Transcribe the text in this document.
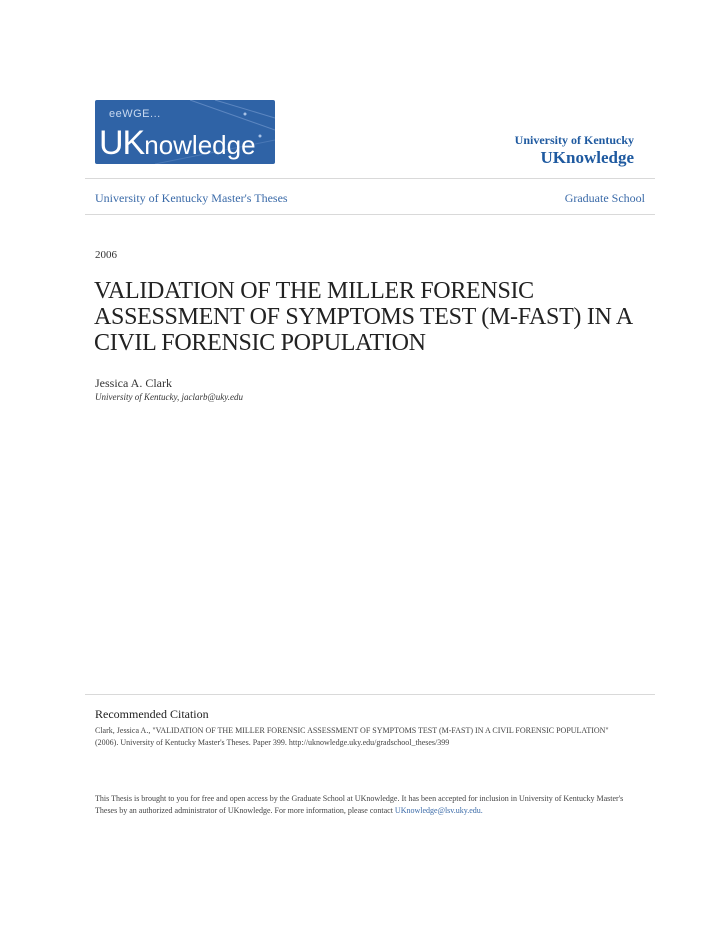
eeWGE...
UKnowledge	University of Kentucky
UKnowledge
University of Kentucky Master's Theses	Graduate School
2006
VALIDATION OF THE MILLER FORENSIC ASSESSMENT OF SYMPTOMS TEST (M-FAST) IN A CIVIL FORENSIC POPULATION
Jessica A. Clark
University of Kentucky, jaclarb@uky.edu
Recommended Citation
Clark, Jessica A., "VALIDATION OF THE MILLER FORENSIC ASSESSMENT OF SYMPTOMS TEST (M-FAST) IN A CIVIL FORENSIC POPULATION" (2006). University of Kentucky Master's Theses. Paper 399. http://uknowledge.uky.edu/gradschool_theses/399
This Thesis is brought to you for free and open access by the Graduate School at UKnowledge. It has been accepted for inclusion in University of Kentucky Master's Theses by an authorized administrator of UKnowledge. For more information, please contact UKnowledge@lsv.uky.edu.
